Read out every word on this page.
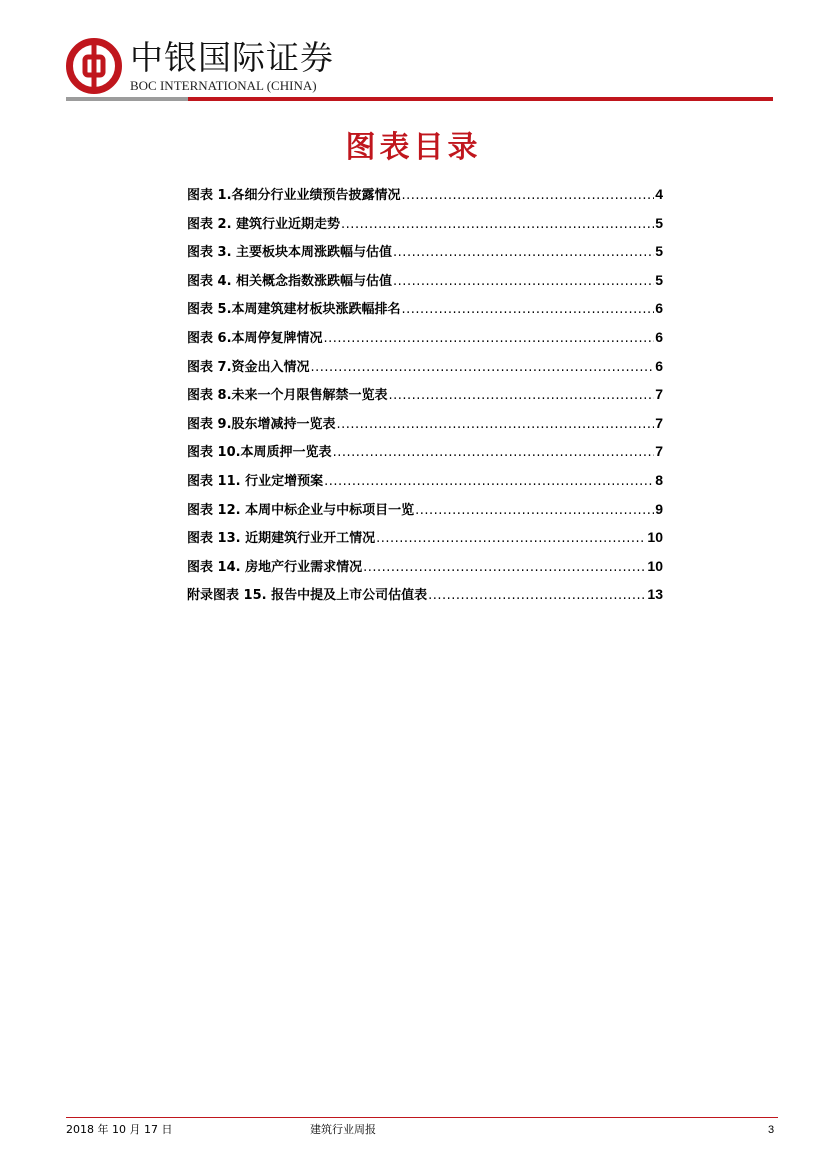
中银国际证券
BOC INTERNATIONAL (CHINA)
图表目录
图表 1.各细分行业业绩预告披露情况 .....	4
图表 2. 建筑行业近期走势 .....	5
图表 3. 主要板块本周涨跌幅与估值 .....	5
图表 4. 相关概念指数涨跌幅与估值 .....	5
图表 5.本周建筑建材板块涨跌幅排名 .....	6
图表 6.本周停复牌情况 .....	6
图表 7.资金出入情况 .....	6
图表 8.未来一个月限售解禁一览表 .....	7
图表 9.股东增减持一览表 .....	7
图表 10.本周质押一览表 .....	7
图表 11. 行业定增预案 .....	8
图表 12. 本周中标企业与中标项目一览 .....	9
图表 13. 近期建筑行业开工情况 .....	10
图表 14. 房地产行业需求情况 .....	10
附录图表 15. 报告中提及上市公司估值表 .....	13
2018 年 10 月 17 日	建筑行业周报	3
